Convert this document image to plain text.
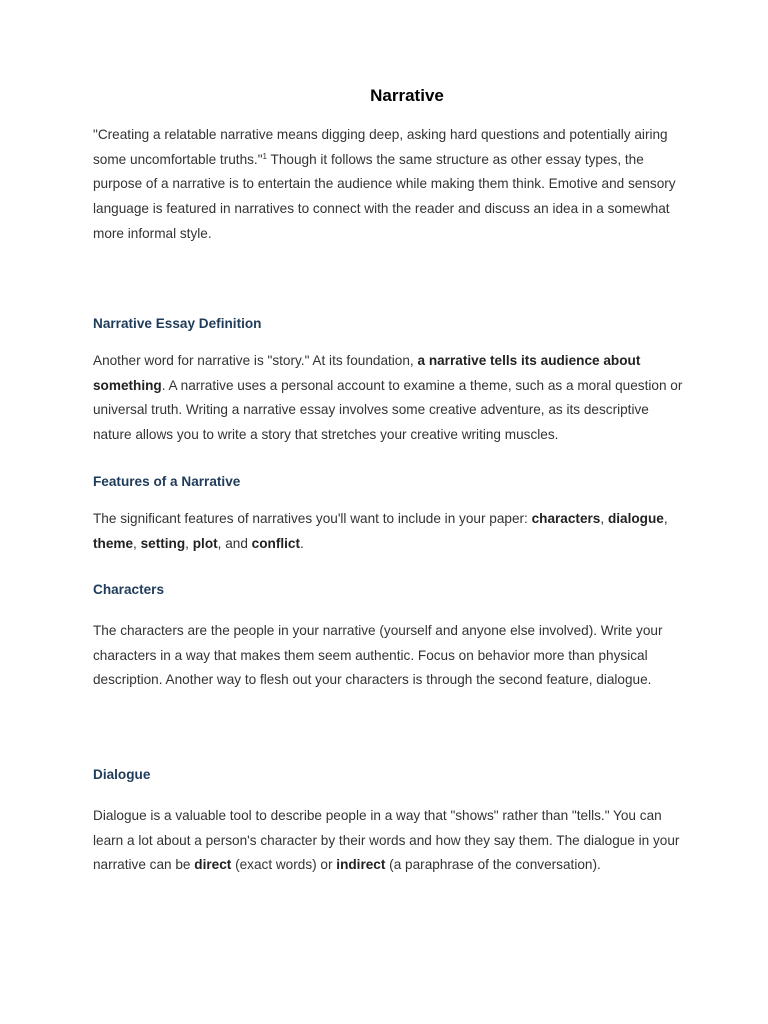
Narrative

"Creating a relatable narrative means digging deep, asking hard questions and potentially airing some uncomfortable truths."$^1$ Though it follows the same structure as other essay types, the purpose of a narrative is to entertain the audience while making them think. Emotive and sensory language is featured in narratives to connect with the reader and discuss an idea in a somewhat more informal style.

Narrative Essay Definition

Another word for narrative is "story." At its foundation, a narrative tells its audience about something. A narrative uses a personal account to examine a theme, such as a moral question or universal truth. Writing a narrative essay involves some creative adventure, as its descriptive nature allows you to write a story that stretches your creative writing muscles.

Features of a Narrative

The significant features of narratives you'll want to include in your paper: characters, dialogue, theme, setting, plot, and conflict.

Characters

The characters are the people in your narrative (yourself and anyone else involved). Write your characters in a way that makes them seem authentic. Focus on behavior more than physical description. Another way to flesh out your characters is through the second feature, dialogue.

Dialogue

Dialogue is a valuable tool to describe people in a way that "shows" rather than "tells." You can learn a lot about a person's character by their words and how they say them. The dialogue in your narrative can be direct (exact words) or indirect (a paraphrase of the conversation).
